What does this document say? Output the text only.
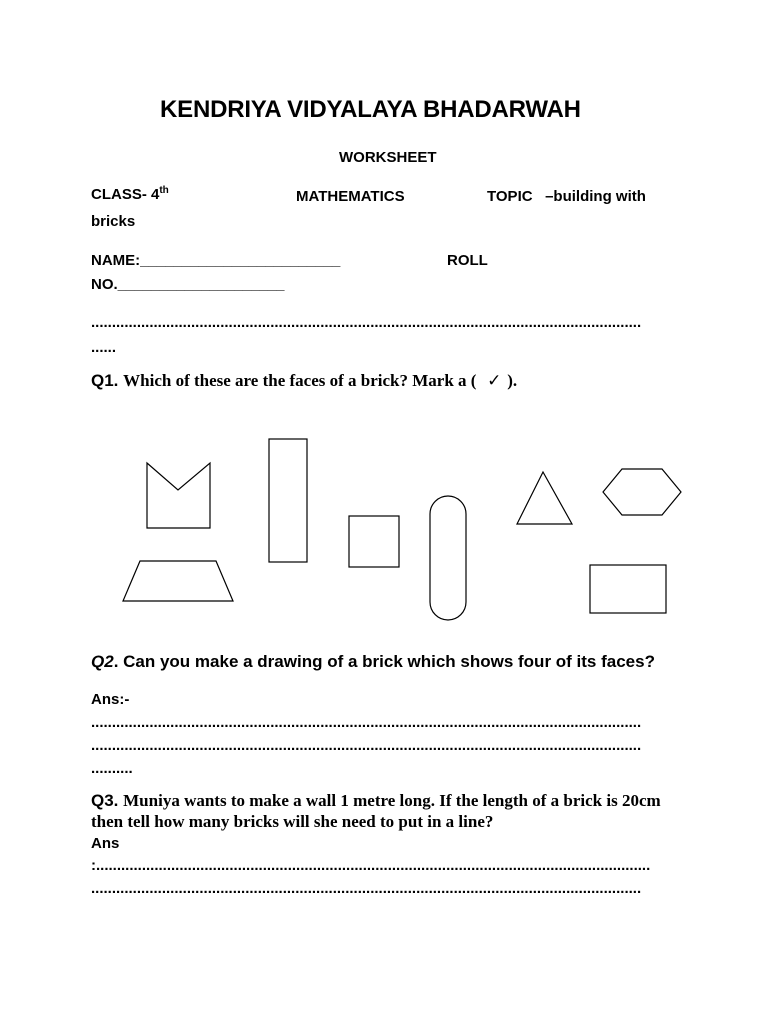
KENDRIYA VIDYALAYA BHADARWAH
WORKSHEET
CLASS- 4th	MATHEMATICS	TOPIC –building with
bricks
NAME:________________________	ROLL
NO.____________________
....................................................................................................................................
......
Q1. Which of these are the faces of a brick? Mark a ( ✓ ).
Q2. Can you make a drawing of a brick which shows four of its faces?
Ans:-
....................................................................................................................................
....................................................................................................................................
..........
Q3. Muniya wants to make a wall 1 metre long. If the length of a brick is 20cm
then tell how many bricks will she need to put in a line?
Ans
:.....................................................................................................................................
....................................................................................................................................
